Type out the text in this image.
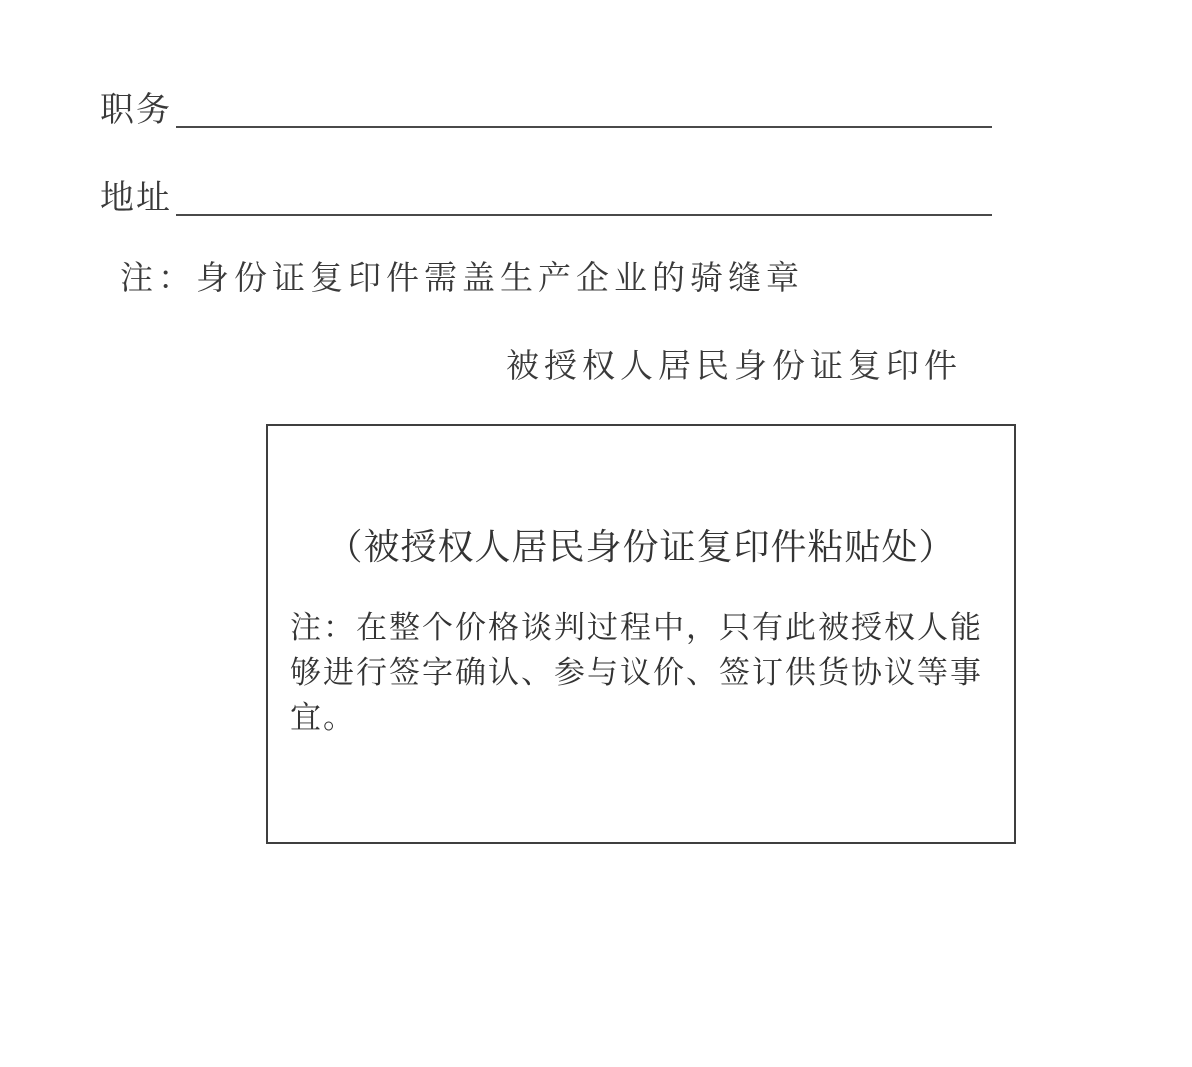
职务
地址
注：身份证复印件需盖生产企业的骑缝章
被授权人居民身份证复印件
（被授权人居民身份证复印件粘贴处）
注：在整个价格谈判过程中，只有此被授权人能够进行签字确认、参与议价、签订供货协议等事宜。
